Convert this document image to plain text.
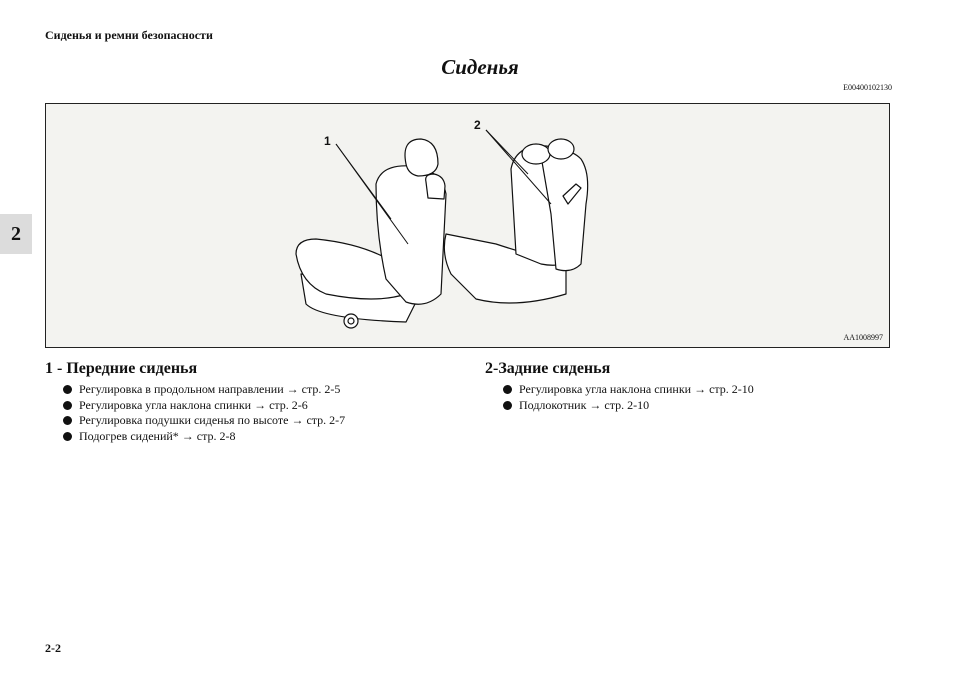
Сиденья и ремни безопасности
Сиденья
E00400102130
2
1
2
AA1008997
1 - Передние сиденья
Регулировка в продольном направлении → стр. 2-5
Регулировка угла наклона спинки → стр. 2-6
Регулировка подушки сиденья по высоте → стр. 2-7
Подогрев сидений* → стр. 2-8
2-Задние сиденья
Регулировка угла наклона спинки → стр. 2-10
Подлокотник → стр. 2-10
2-2
